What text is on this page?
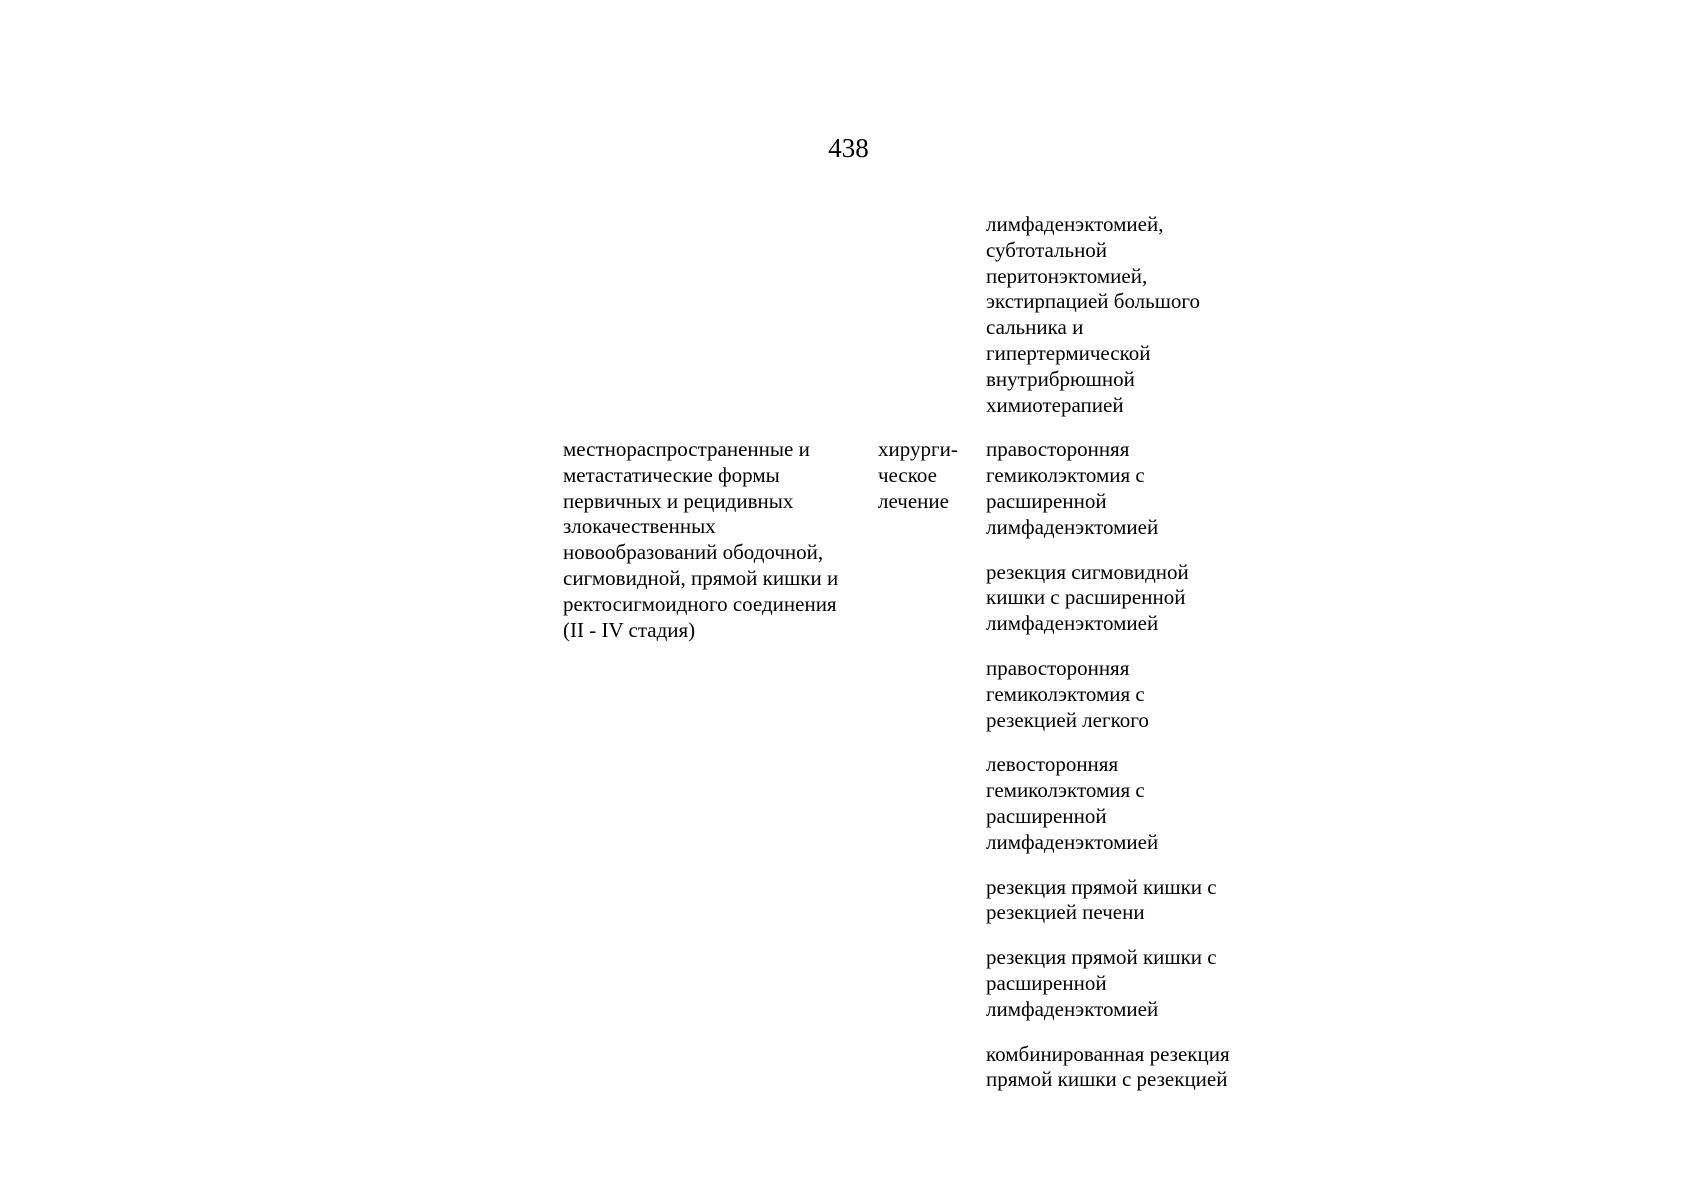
438
местнораспространенные и
метастатические формы
первичных и рецидивных
злокачественных
новообразований ободочной,
сигмовидной, прямой кишки и
ректосигмоидного соединения
(II - IV стадия)
хирурги-
ческое
лечение
лимфаденэктомией,
субтотальной
перитонэктомией,
экстирпацией большого
сальника и
гипертермической
внутрибрюшной
химиотерапией
правосторонняя
гемиколэктомия с
расширенной
лимфаденэктомией
резекция сигмовидной
кишки с расширенной
лимфаденэктомией
правосторонняя
гемиколэктомия с
резекцией легкого
левосторонняя
гемиколэктомия с
расширенной
лимфаденэктомией
резекция прямой кишки с
резекцией печени
резекция прямой кишки с
расширенной
лимфаденэктомией
комбинированная резекция
прямой кишки с резекцией
